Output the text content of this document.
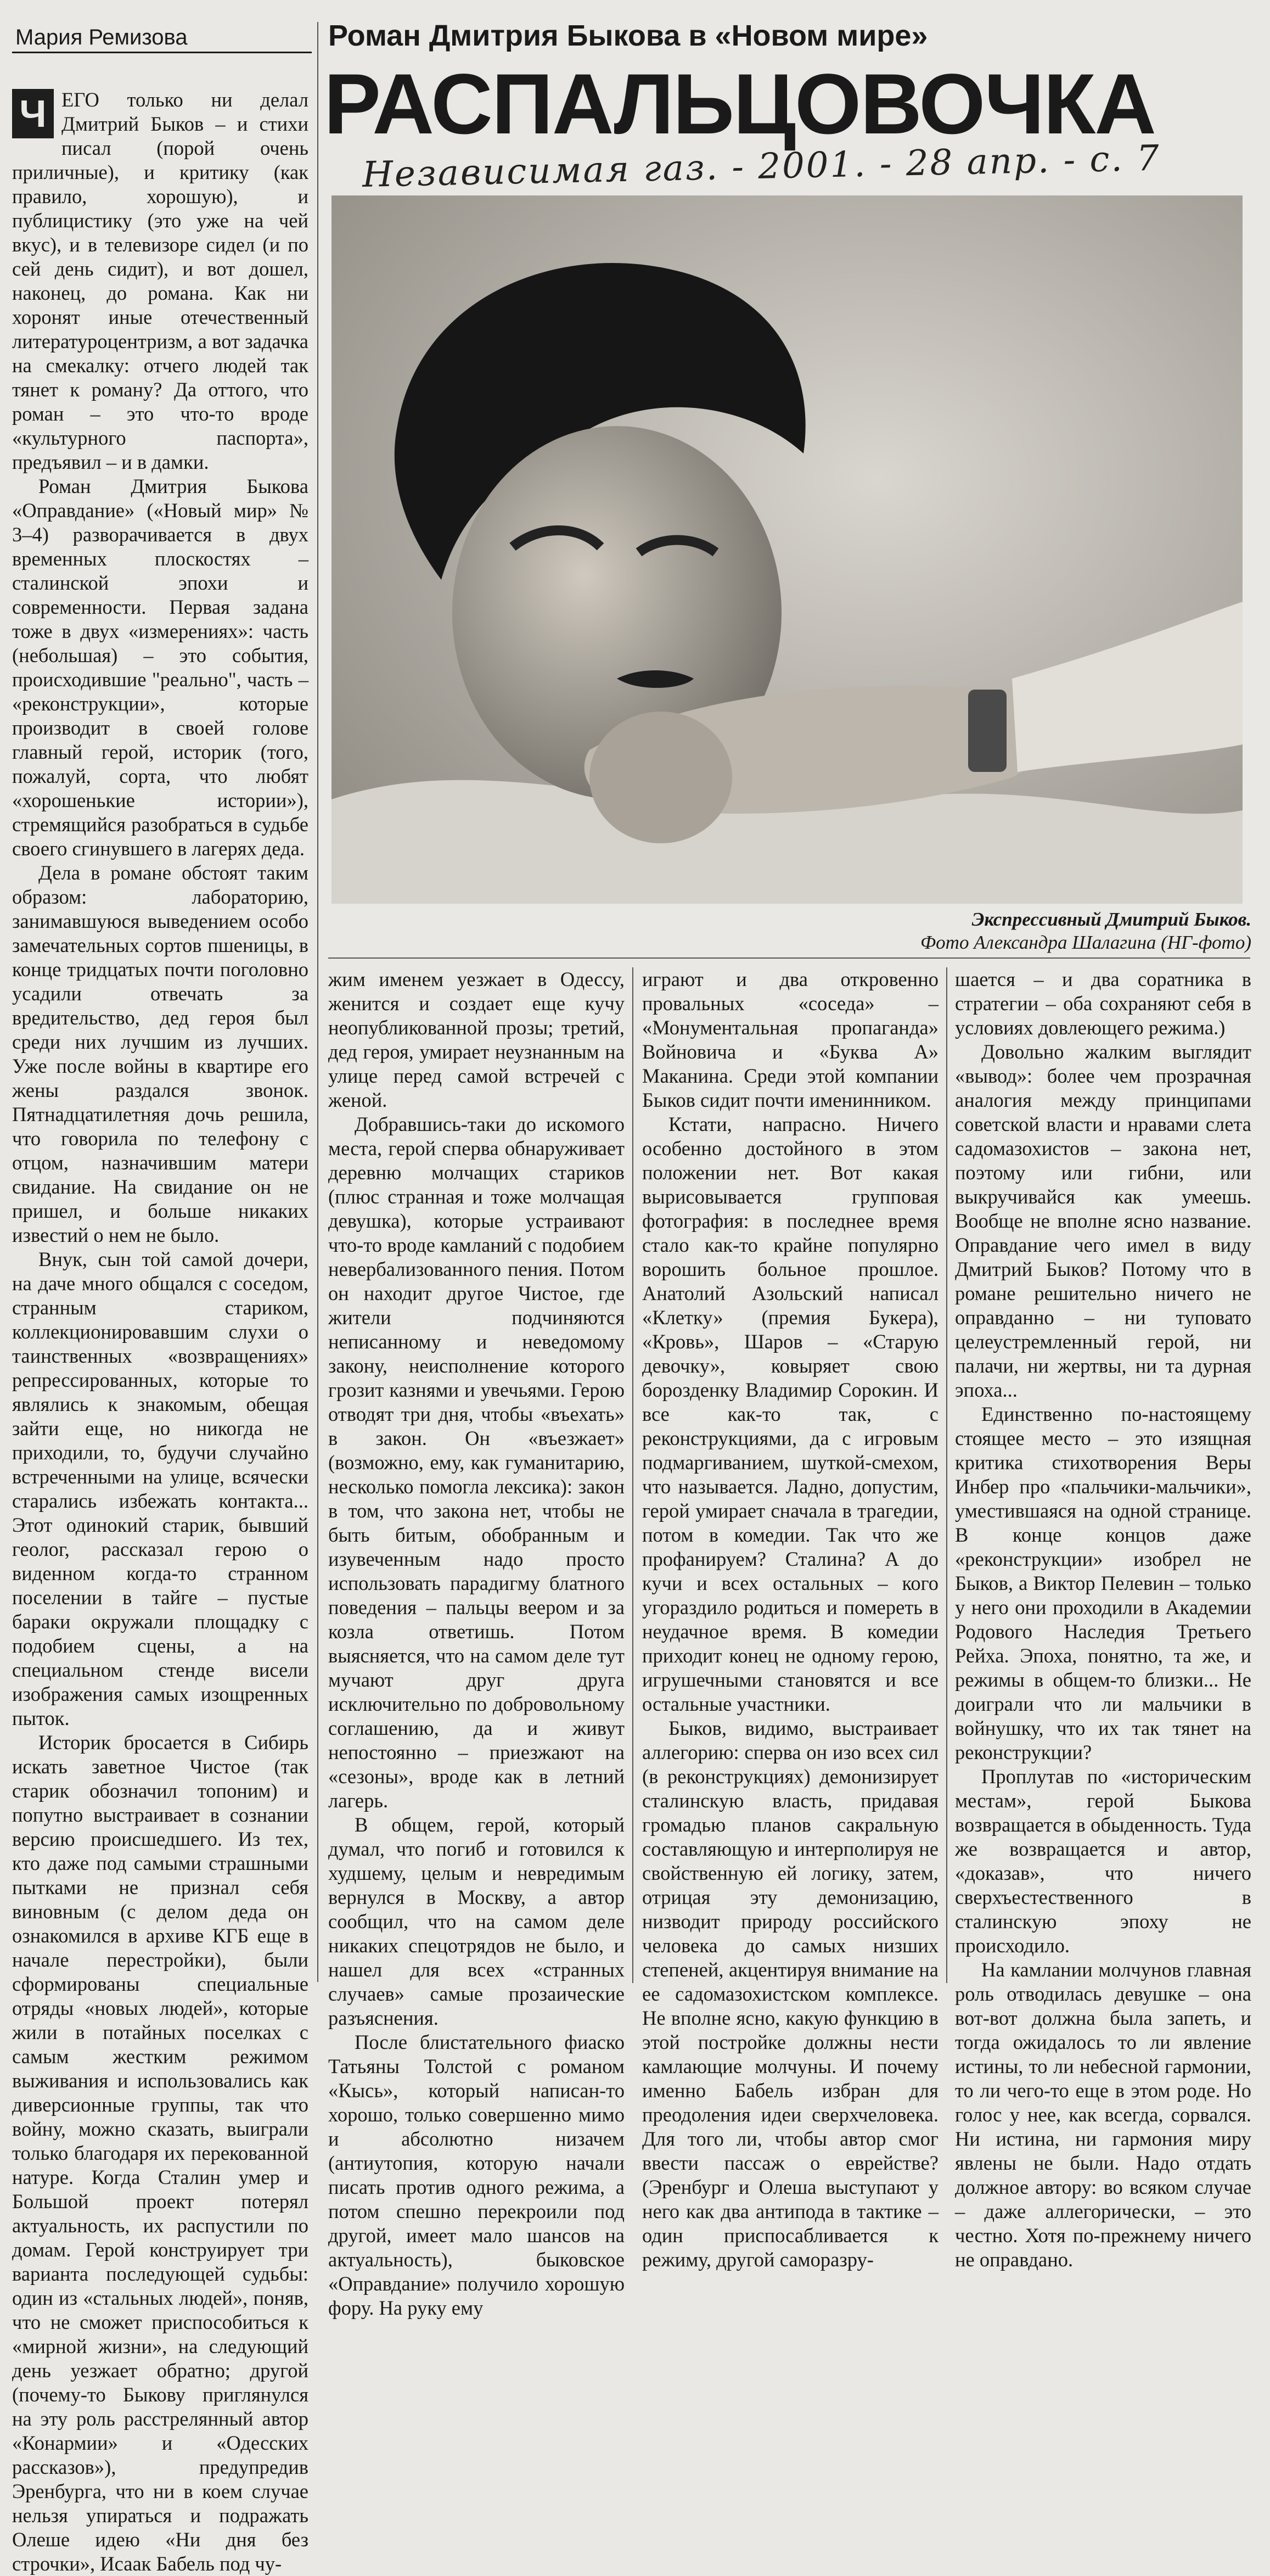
Мария Ремизова	Роман Дмитрия Быкова в «Новом мире»
РАСПАЛЬЦОВОЧКА
Независимая газ. - 2001. - 28 апр. - с. 7
Экспрессивный Дмитрий Быков.
Фото Александра Шалагина (НГ-фото)

Ч ЕГО только ни делал Дмитрий Быков – и стихи писал (порой очень приличные), и критику (как правило, хорошую), и публицистику (это уже на чей вкус), и в телевизоре сидел (и по сей день сидит), и вот дошел, наконец, до романа. Как ни хоронят иные отечественный литературоцентризм, а вот задачка на смекалку: отчего людей так тянет к роману? Да оттого, что роман – это что-то вроде «культурного паспорта», предъявил – и в дамки.

Роман Дмитрия Быкова «Оправдание» («Новый мир» № 3–4) разворачивается в двух временных плоскостях – сталинской эпохи и современности. Первая задана тоже в двух «измерениях»: часть (небольшая) – это события, происходившие "реально", часть – «реконструкции», которые производит в своей голове главный герой, историк (того, пожалуй, сорта, что любят «хорошенькие истории»), стремящийся разобраться в судьбе своего сгинувшего в лагерях деда.

Дела в романе обстоят таким образом: лабораторию, занимавшуюся выведением особо замечательных сортов пшеницы, в конце тридцатых почти поголовно усадили отвечать за вредительство, дед героя был среди них лучшим из лучших. Уже после войны в квартире его жены раздался звонок. Пятнадцатилетняя дочь решила, что говорила по телефону с отцом, назначившим матери свидание. На свидание он не пришел, и больше никаких известий о нем не было.

Внук, сын той самой дочери, на даче много общался с соседом, странным стариком, коллекционировавшим слухи о таинственных «возвращениях» репрессированных, которые то являлись к знакомым, обещая зайти еще, но никогда не приходили, то, будучи случайно встреченными на улице, всячески старались избежать контакта... Этот одинокий старик, бывший геолог, рассказал герою о виденном когда-то странном поселении в тайге – пустые бараки окружали площадку с подобием сцены, а на специальном стенде висели изображения самых изощренных пыток.

Историк бросается в Сибирь искать заветное Чистое (так старик обозначил топоним) и попутно выстраивает в сознании версию происшедшего. Из тех, кто даже под самыми страшными пытками не признал себя виновным (с делом деда он ознакомился в архиве КГБ еще в начале перестройки), были сформированы специальные отряды «новых людей», которые жили в потайных поселках с самым жестким режимом выживания и использовались как диверсионные группы, так что войну, можно сказать, выиграли только благодаря их перекованной натуре. Когда Сталин умер и Большой проект потерял актуальность, их распустили по домам. Герой конструирует три варианта последующей судьбы: один из «стальных людей», поняв, что не сможет приспособиться к «мирной жизни», на следующий день уезжает обратно; другой (почему-то Быкову приглянулся на эту роль расстрелянный автор «Конармии» и «Одесских рассказов»), предупредив Эренбурга, что ни в коем случае нельзя упираться и подражать Олеше идею «Ни дня без строчки», Исаак Бабель под чу-

жим именем уезжает в Одессу, женится и создает еще кучу неопубликованной прозы; третий, дед героя, умирает неузнанным на улице перед самой встречей с женой.

Добравшись-таки до искомого места, герой сперва обнаруживает деревню молчащих стариков (плюс странная и тоже молчащая девушка), которые устраивают что-то вроде камланий с подобием невербализованного пения. Потом он находит другое Чистое, где жители подчиняются неписанному и неведомому закону, неисполнение которого грозит казнями и увечьями. Герою отводят три дня, чтобы «въехать» в закон. Он «въезжает» (возможно, ему, как гуманитарию, несколько помогла лексика): закон в том, что закона нет, чтобы не быть битым, обобранным и изувеченным надо просто использовать парадигму блатного поведения – пальцы веером и за козла ответишь. Потом выясняется, что на самом деле тут мучают друг друга исключительно по добровольному соглашению, да и живут непостоянно – приезжают на «сезоны», вроде как в летний лагерь.

В общем, герой, который думал, что погиб и готовился к худшему, целым и невредимым вернулся в Москву, а автор сообщил, что на самом деле никаких спецотрядов не было, и нашел для всех «странных случаев» самые прозаические разъяснения.

После блистательного фиаско Татьяны Толстой с романом «Кысь», который написан-то хорошо, только совершенно мимо и абсолютно низачем (антиутопия, которую начали писать против одного режима, а потом спешно перекроили под другой, имеет мало шансов на актуальность), быковское «Оправдание» получило хорошую фору. На руку ему

играют и два откровенно провальных «соседа» – «Монументальная пропаганда» Войновича и «Буква А» Маканина. Среди этой компании Быков сидит почти именинником.

Кстати, напрасно. Ничего особенно достойного в этом положении нет. Вот какая вырисовывается групповая фотография: в последнее время стало как-то крайне популярно ворошить больное прошлое. Анатолий Азольский написал «Клетку» (премия Букера), «Кровь», Шаров – «Старую девочку», ковыряет свою борозденку Владимир Сорокин. И все как-то так, с реконструкциями, да с игровым подмаргиванием, шуткой-смехом, что называется. Ладно, допустим, герой умирает сначала в трагедии, потом в комедии. Так что же профанируем? Сталина? А до кучи и всех остальных – кого угораздило родиться и помереть в неудачное время. В комедии приходит конец не одному герою, игрушечными становятся и все остальные участники.

Быков, видимо, выстраивает аллегорию: сперва он изо всех сил (в реконструкциях) демонизирует сталинскую власть, придавая громадью планов сакральную составляющую и интерполируя не свойственную ей логику, затем, отрицая эту демонизацию, низводит природу российского человека до самых низших степеней, акцентируя внимание на ее садомазохистском комплексе. Не вполне ясно, какую функцию в этой постройке должны нести камлающие молчуны. И почему именно Бабель избран для преодоления идеи сверхчеловека. Для того ли, чтобы автор смог ввести пассаж о еврействе? (Эренбург и Олеша выступают у него как два антипода в тактике – один приспосабливается к режиму, другой саморазру-

шается – и два соратника в стратегии – оба сохраняют себя в условиях довлеющего режима.)

Довольно жалким выглядит «вывод»: более чем прозрачная аналогия между принципами советской власти и нравами слета садомазохистов – закона нет, поэтому или гибни, или выкручивайся как умеешь. Вообще не вполне ясно название. Оправдание чего имел в виду Дмитрий Быков? Потому что в романе решительно ничего не оправданно – ни туповато целеустремленный герой, ни палачи, ни жертвы, ни та дурная эпоха...

Единственно по-настоящему стоящее место – это изящная критика стихотворения Веры Инбер про «пальчики-мальчики», уместившаяся на одной странице. В конце концов даже «реконструкции» изобрел не Быков, а Виктор Пелевин – только у него они проходили в Академии Родового Наследия Третьего Рейха. Эпоха, понятно, та же, и режимы в общем-то близки... Не доиграли что ли мальчики в войнушку, что их так тянет на реконструкции?

Проплутав по «историческим местам», герой Быкова возвращается в обыденность. Туда же возвращается и автор, «доказав», что ничего сверхъестественного в сталинскую эпоху не происходило.

На камлании молчунов главная роль отводилась девушке – она вот-вот должна была запеть, и тогда ожидалось то ли явление истины, то ли небесной гармонии, то ли чего-то еще в этом роде. Но голос у нее, как всегда, сорвался. Ни истина, ни гармония миру явлены не были. Надо отдать должное автору: во всяком случае – даже аллегорически, – это честно. Хотя по-прежнему ничего не оправдано.
